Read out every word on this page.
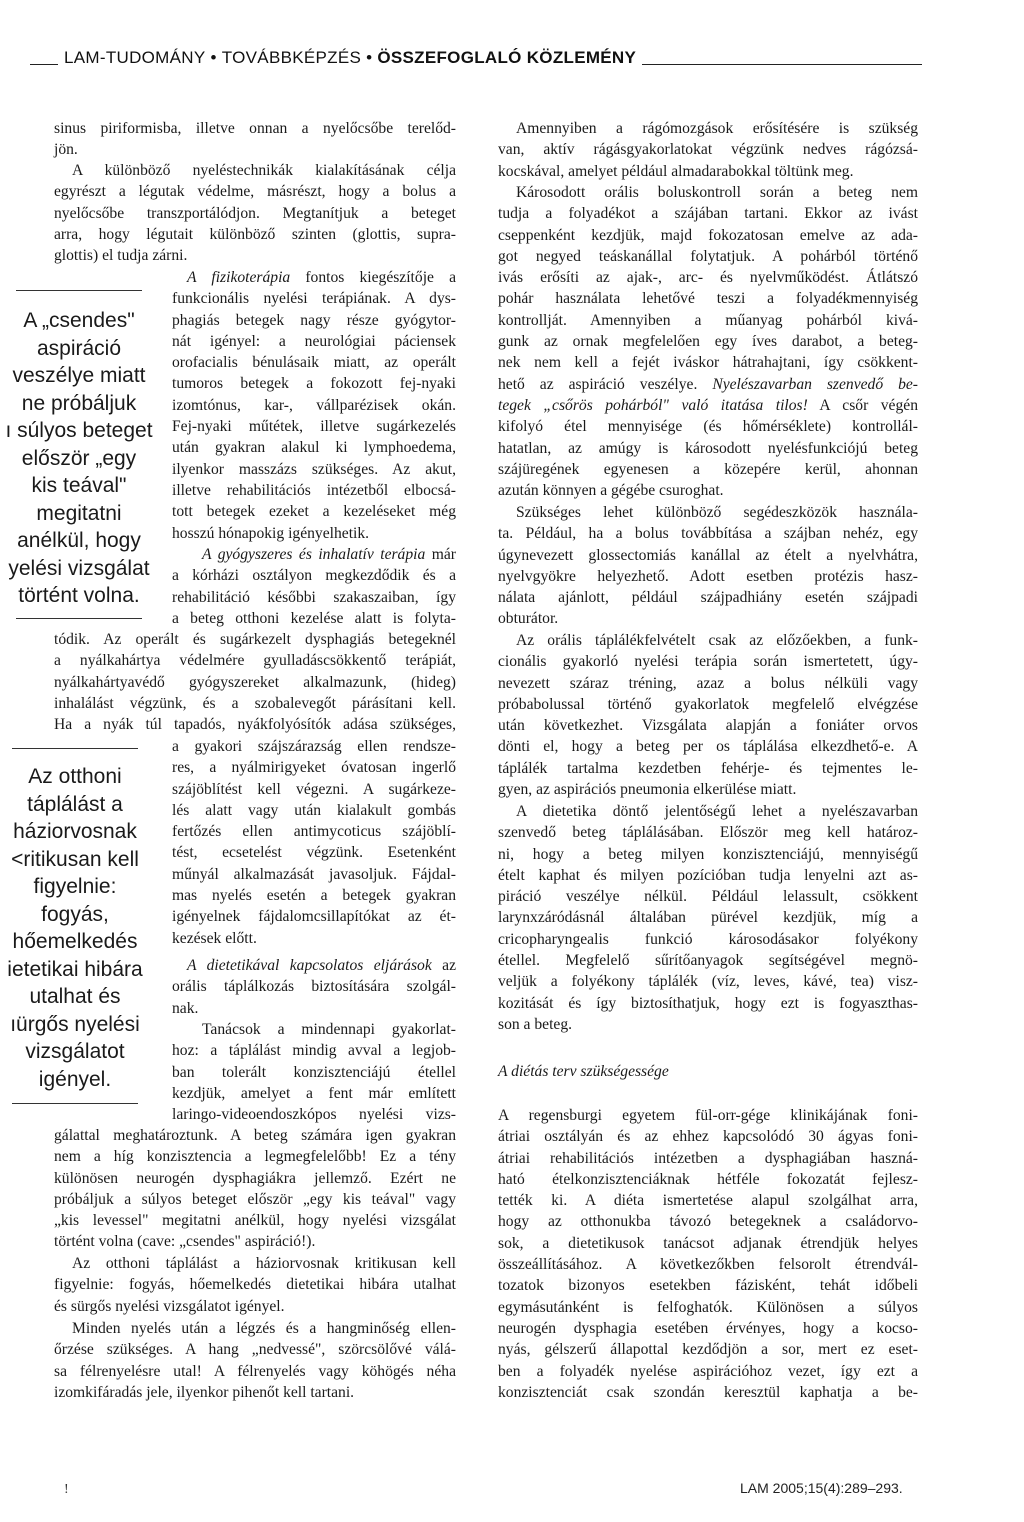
LAM-TUDOMÁNY • TOVÁBBKÉPZÉS • ÖSSZEFOGLALÓ KÖZLEMÉNY
sinus piriformisba, illetve onnan a nyelőcsőbe terelőd-
jön.
A különböző nyeléstechnikák kialakításának célja
egyrészt a légutak védelme, másrészt, hogy a bolus a
nyelőcsőbe transzportálódjon. Megtanítjuk a beteget
arra, hogy légutait különböző szinten (glottis, supra-
glottis) el tudja zárni.
A fizikoterápia fontos kiegészítője a
funkcionális nyelési terápiának. A dys-
phagiás betegek nagy része gyógytor-
nát igényel: a neurológiai páciensek
orofacialis bénulásaik miatt, az operált
tumoros betegek a fokozott fej-nyaki
izomtónus, kar-, vállparézisek okán.
Fej-nyaki műtétek, illetve sugárkezelés
után gyakran alakul ki lymphoedema,
ilyenkor masszázs szükséges. Az akut,
illetve rehabilitációs intézetből elbocsá-
tott betegek ezeket a kezeléseket még
hosszú hónapokig igényelhetik.
A gyógyszeres és inhalatív terápia már
a kórházi osztályon megkezdődik és a
rehabilitáció későbbi szakaszaiban, így
a beteg otthoni kezelése alatt is folyta-
tódik. Az operált és sugárkezelt dysphagiás betegeknél
a nyálkahártya védelmére gyulladáscsökkentő terápiát,
nyálkahártyavédő gyógyszereket alkalmazunk, (hideg)
inhalálást végzünk, és a szobalevegőt párásítani kell.
Ha a nyák túl tapadós, nyákfolyósítók adása szükséges,
a gyakori szájszárazság ellen rendsze-
res, a nyálmirigyeket óvatosan ingerlő
szájöblítést kell végezni. A sugárkeze-
lés alatt vagy után kialakult gombás
fertőzés ellen antimycoticus szájöblí-
tést, ecsetelést végzünk. Esetenként
műnyál alkalmazását javasoljuk. Fájdal-
mas nyelés esetén a betegek gyakran
igényelnek fájdalomcsillapítókat az ét-
kezések előtt.
A dietetikával kapcsolatos eljárások az
orális táplálkozás biztosítására szolgál-
nak.
Tanácsok a mindennapi gyakorlat-
hoz: a táplálást mindig avval a legjob-
ban tolerált konzisztenciájú étellel
kezdjük, amelyet a fent már említett
laringo-videoendoszkópos nyelési vizs-
gálattal meghatároztunk. A beteg számára igen gyakran
nem a híg konzisztencia a legmegfelelőbb! Ez a tény
különösen neurogén dysphagiákra jellemző. Ezért ne
próbáljuk a súlyos beteget először „egy kis teával" vagy
„kis levessel" megitatni anélkül, hogy nyelési vizsgálat
történt volna (cave: „csendes" aspiráció!).
Az otthoni táplálást a háziorvosnak kritikusan kell
figyelnie: fogyás, hőemelkedés dietetikai hibára utalhat
és sürgős nyelési vizsgálatot igényel.
Minden nyelés után a légzés és a hangminőség ellen-
őrzése szükséges. A hang „nedvessé", szörcsölővé válá-
sa félrenyelésre utal! A félrenyelés vagy köhögés néha
izomkifáradás jele, ilyenkor pihenőt kell tartani.
A „csendes"
aspiráció
veszélye miatt
ne próbáljuk
ı súlyos beteget
először „egy
kis teával"
megitatni
anélkül, hogy
yelési vizsgálat
történt volna.
Az otthoni
táplálást a
háziorvosnak
<ritikusan kell
figyelnie:
fogyás,
hőemelkedés
ietetikai hibára
utalhat és
ıürgős nyelési
vizsgálatot
igényel.
Amennyiben a rágómozgások erősítésére is szükség
van, aktív rágásgyakorlatokat végzünk nedves rágózsá-
kocskával, amelyet például almadarabokkal töltünk meg.
Károsodott orális boluskontroll során a beteg nem
tudja a folyadékot a szájában tartani. Ekkor az ivást
cseppenként kezdjük, majd fokozatosan emelve az ada-
got negyed teáskanállal folytatjuk. A pohárból történő
ivás erősíti az ajak-, arc- és nyelvműködést. Átlátszó
pohár használata lehetővé teszi a folyadékmennyiség
kontrollját. Amennyiben a műanyag pohárból kivá-
gunk az ornak megfelelően egy íves darabot, a beteg-
nek nem kell a fejét iváskor hátrahajtani, így csökkent-
hető az aspiráció veszélye. Nyelészavarban szenvedő be-
tegek „csőrös pohárból" való itatása tilos! A csőr végén
kifolyó étel mennyisége (és hőmérséklete) kontrollál-
hatatlan, az amúgy is károsodott nyelésfunkciójú beteg
szájüregének egyenesen a közepére kerül, ahonnan
azután könnyen a gégébe csuroghat.
Szükséges lehet különböző segédeszközök használa-
ta. Például, ha a bolus továbbítása a szájban nehéz, egy
úgynevezett glossectomiás kanállal az ételt a nyelvhátra,
nyelvgyökre helyezhető. Adott esetben protézis hasz-
nálata ajánlott, például szájpadhiány esetén szájpadi
obturátor.
Az orális táplálékfelvételt csak az előzőekben, a funk-
cionális gyakorló nyelési terápia során ismertetett, úgy-
nevezett száraz tréning, azaz a bolus nélküli vagy
próbabolussal történő gyakorlatok megfelelő elvégzése
után következhet. Vizsgálata alapján a foniáter orvos
dönti el, hogy a beteg per os táplálása elkezdhető-e. A
táplálék tartalma kezdetben fehérje- és tejmentes le-
gyen, az aspirációs pneumonia elkerülése miatt.
A dietetika döntő jelentőségű lehet a nyelészavarban
szenvedő beteg táplálásában. Először meg kell határoz-
ni, hogy a beteg milyen konzisztenciájú, mennyiségű
ételt kaphat és milyen pozícióban tudja lenyelni azt as-
piráció veszélye nélkül. Például lelassult, csökkent
larynxzáródásnál általában pürével kezdjük, míg a
cricopharyngealis funkció károsodásakor folyékony
étellel. Megfelelő sűrítőanyagok segítségével megnö-
veljük a folyékony táplálék (víz, leves, kávé, tea) visz-
kozitását és így biztosíthatjuk, hogy ezt is fogyaszthas-
son a beteg.
A diétás terv szükségessége
A regensburgi egyetem fül-orr-gége klinikájának foni-
átriai osztályán és az ehhez kapcsolódó 30 ágyas foni-
átriai rehabilitációs intézetben a dysphagiában haszná-
ható ételkonzisztenciáknak hétféle fokozatát fejlesz-
tették ki. A diéta ismertetése alapul szolgálhat arra,
hogy az otthonukba távozó betegeknek a családorvo-
sok, a dietetikusok tanácsot adjanak étrendjük helyes
összeállításához. A következőkben felsorolt étrendvál-
tozatok bizonyos esetekben fázisként, tehát időbeli
egymásutánként is felfoghatók. Különösen a súlyos
neurogén dysphagia esetében érvényes, hogy a kocso-
nyás, gélszerű állapottal kezdődjön a sor, mert ez eset-
ben a folyadék nyelése aspirációhoz vezet, így ezt a
konzisztenciát csak szondán keresztül kaphatja a be-
!	LAM 2005;15(4):289–293.
